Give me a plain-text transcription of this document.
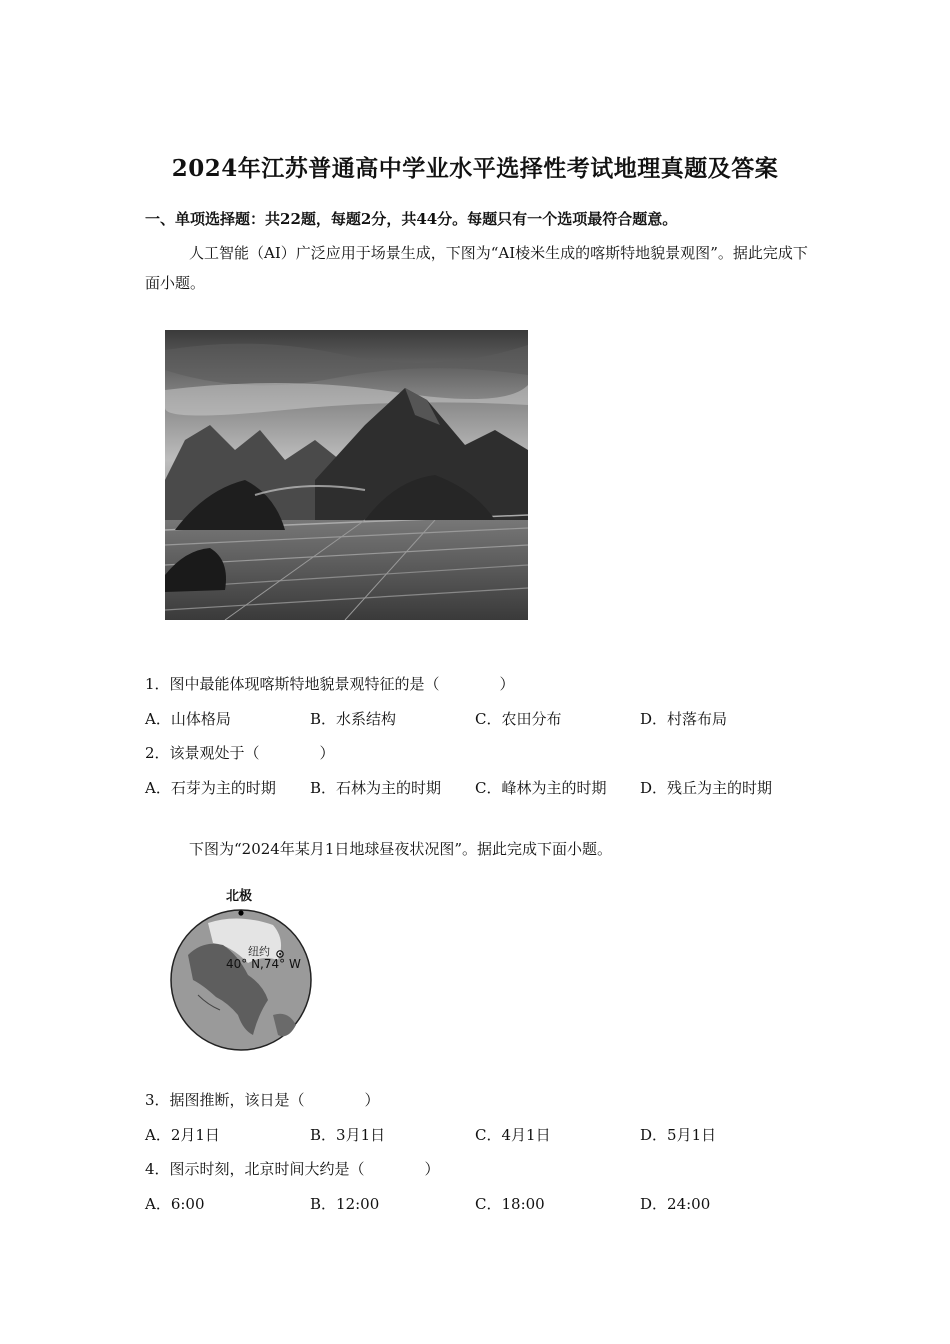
2024年江苏普通高中学业水平选择性考试地理真题及答案
一、单项选择题：共22题，每题2分，共44分。每题只有一个选项最符合题意。
人工智能（AI）广泛应用于场景生成，下图为“AI棱米生成的喀斯特地貌景观图”。据此完成下面小题。
1．图中最能体现喀斯特地貌景观特征的是（　　　　）
A．山体格局	B．水系结构	C．农田分布	D．村落布局
2．该景观处于（　　　　）
A．石芽为主的时期 B．石林为主的时期 C．峰林为主的时期 D．残丘为主的时期
下图为“2024年某月1日地球昼夜状况图”。据此完成下面小题。
北极
纽约
40° N,74° W
3．据图推断，该日是（　　　　）
A．2月1日	B．3月1日	C．4月1日	D．5月1日
4．图示时刻，北京时间大约是（　　　　）
A．6:00	B．12:00	C．18:00	D．24:00
